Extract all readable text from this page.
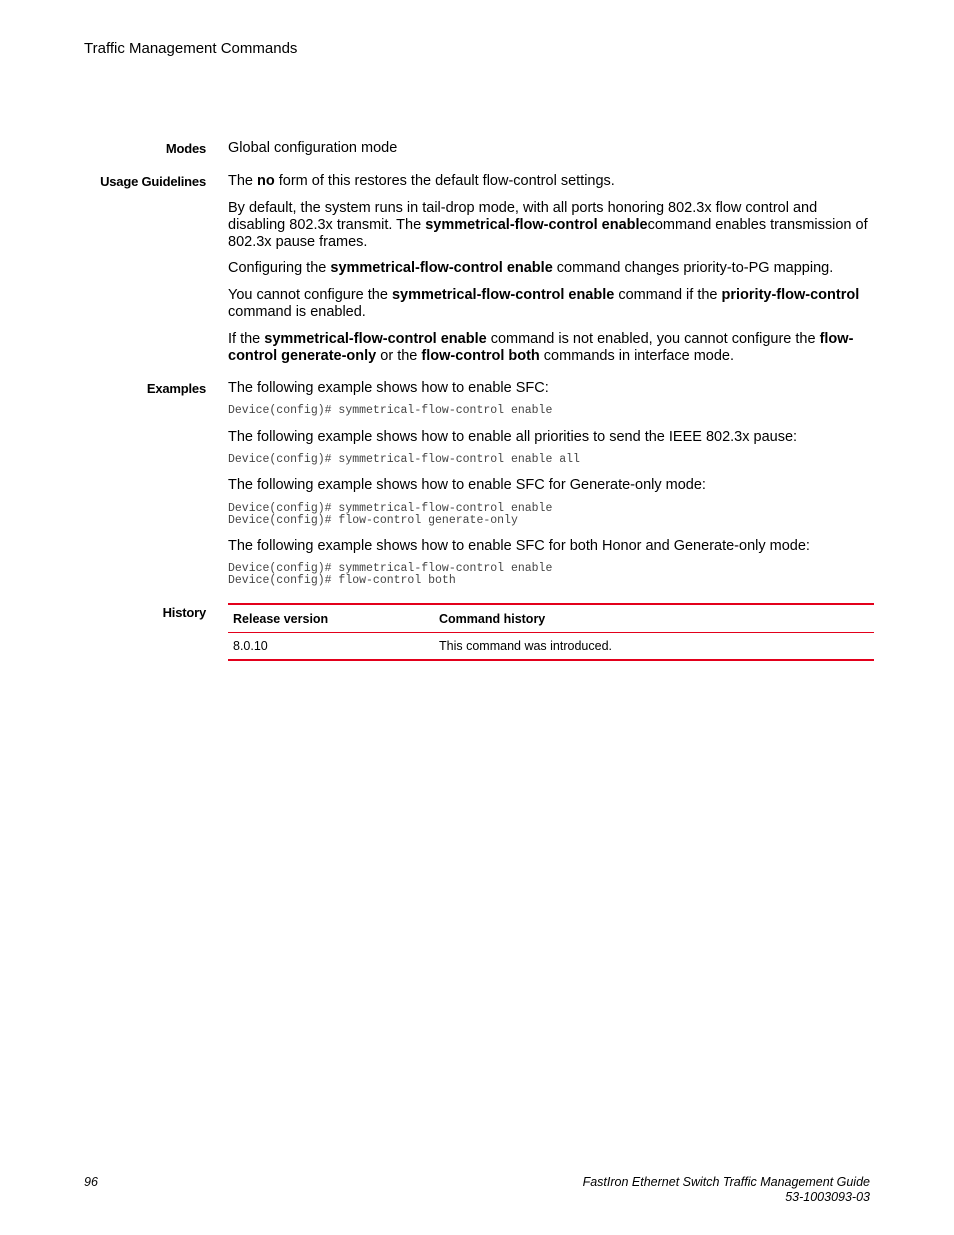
Traffic Management Commands
Modes Global configuration mode

Usage Guidelines The no form of this restores the default flow-control settings.

By default, the system runs in tail-drop mode, with all ports honoring 802.3x flow control and disabling 802.3x transmit. The symmetrical-flow-control enablecommand enables transmission of 802.3x pause frames.

Configuring the symmetrical-flow-control enable command changes priority-to-PG mapping.

You cannot configure the symmetrical-flow-control enable command if the priority-flow-control command is enabled.

If the symmetrical-flow-control enable command is not enabled, you cannot configure the flow-control generate-only or the flow-control both commands in interface mode.

Examples The following example shows how to enable SFC:

Device(config)# symmetrical-flow-control enable

The following example shows how to enable all priorities to send the IEEE 802.3x pause:

Device(config)# symmetrical-flow-control enable all

The following example shows how to enable SFC for Generate-only mode:

Device(config)# symmetrical-flow-control enable
Device(config)# flow-control generate-only

The following example shows how to enable SFC for both Honor and Generate-only mode:

Device(config)# symmetrical-flow-control enable
Device(config)# flow-control both
History Release version	Command history
8.0.10	This command was introduced.
96	FastIron Ethernet Switch Traffic Management Guide
53-1003093-03
